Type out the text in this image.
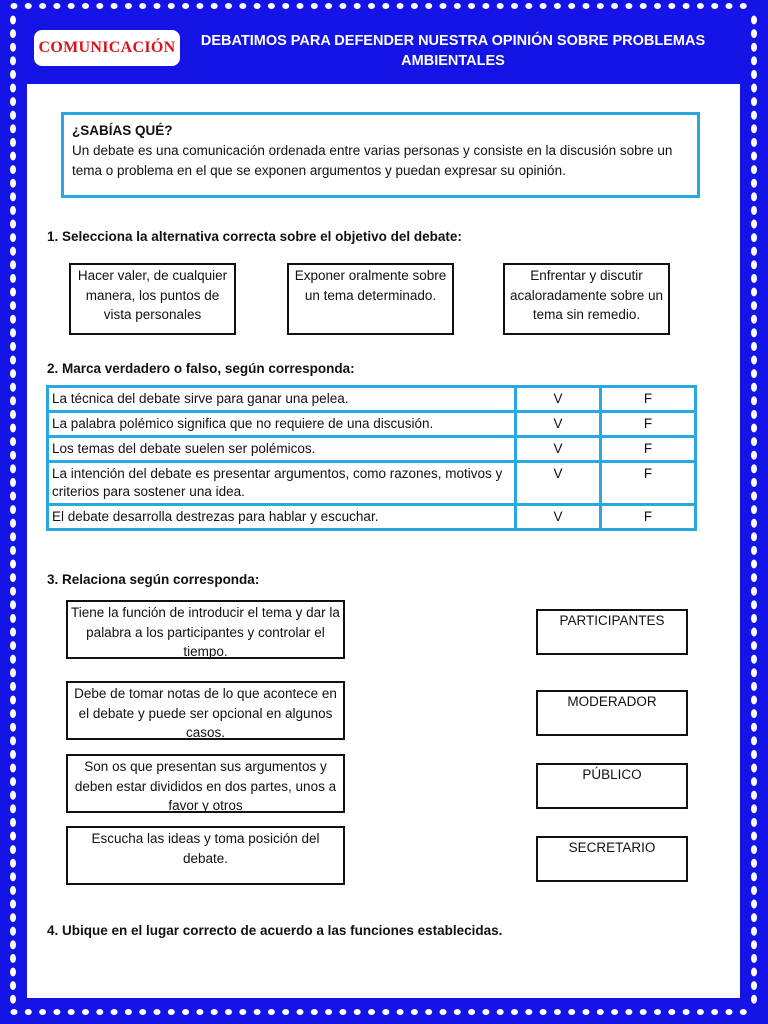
COMUNICACIÓN	DEBATIMOS PARA DEFENDER NUESTRA OPINIÓN SOBRE PROBLEMAS AMBIENTALES
¿SABÍAS QUÉ?
Un debate es una comunicación ordenada entre varias personas y consiste en la discusión sobre un tema o problema en el que se exponen argumentos y puedan expresar su opinión.
1. Selecciona la alternativa correcta sobre el objetivo del debate:
Hacer valer, de cualquier manera, los puntos de vista personales
Exponer oralmente sobre un tema determinado.
Enfrentar y discutir acaloradamente sobre un tema sin remedio.
2. Marca verdadero o falso, según corresponda:
La técnica del debate sirve para ganar una pelea.	V	F
La palabra polémico significa que no requiere de una discusión.	V	F
Los temas del debate suelen ser polémicos.	V	F
La intención del debate es presentar argumentos, como razones, motivos y criterios para sostener una idea.	V	F
El debate desarrolla destrezas para hablar y escuchar.	V	F
3. Relaciona según corresponda:
Tiene la función de introducir el tema y dar la palabra a los participantes y controlar el tiempo.
Debe de tomar notas de lo que acontece en el debate y puede ser opcional en algunos casos.
Son os que presentan sus argumentos y deben estar divididos en dos partes, unos a favor y otros
Escucha las ideas y toma posición del debate.
PARTICIPANTES
MODERADOR
PÚBLICO
SECRETARIO
4. Ubique en el lugar correcto de acuerdo a las funciones establecidas.
